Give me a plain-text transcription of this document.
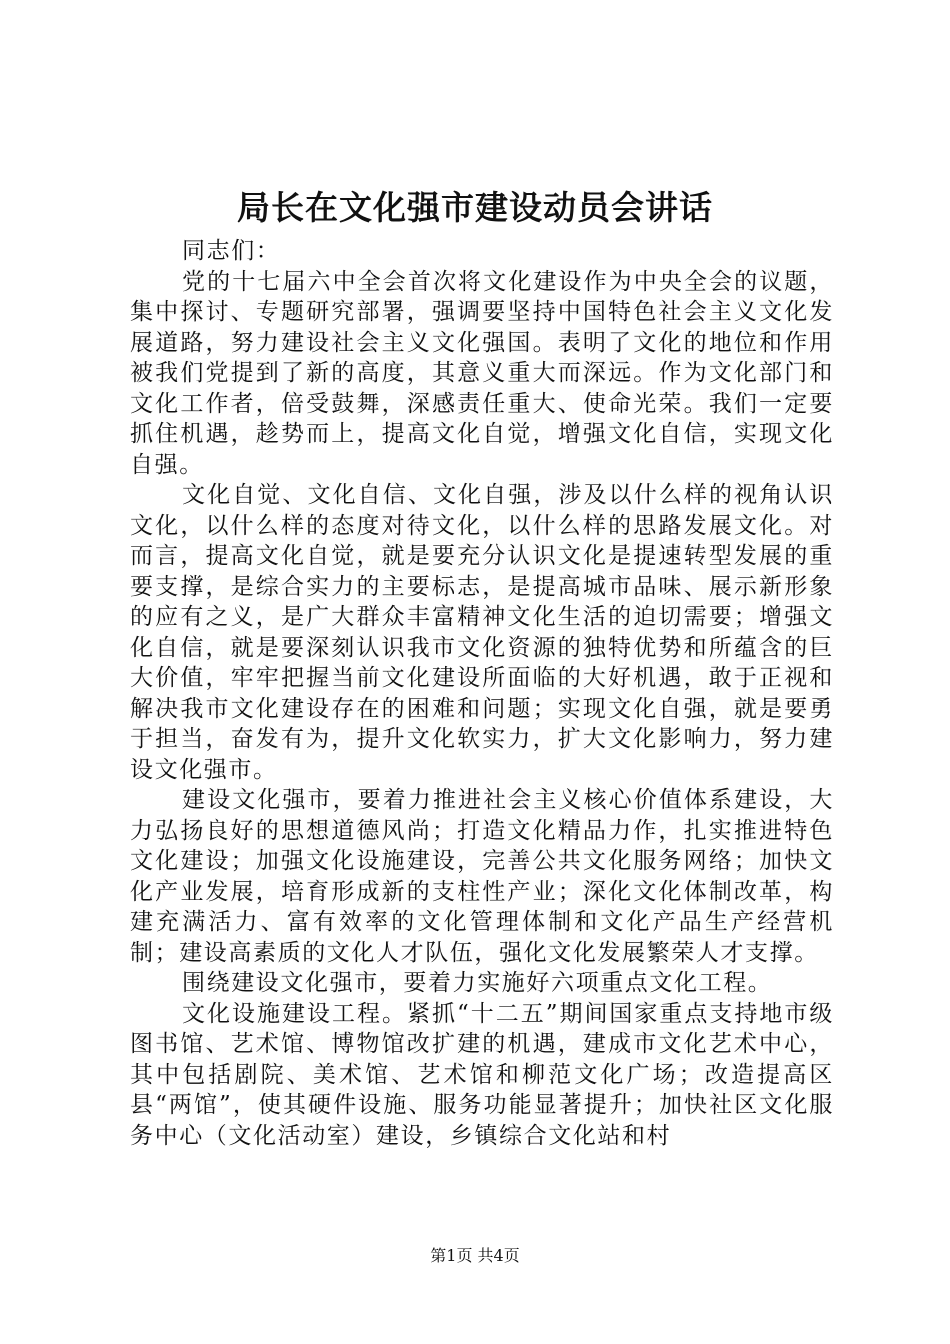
局长在文化强市建设动员会讲话

同志们：

党的十七届六中全会首次将文化建设作为中央全会的议题，集中探讨、专题研究部署，强调要坚持中国特色社会主义文化发展道路，努力建设社会主义文化强国。表明了文化的地位和作用被我们党提到了新的高度，其意义重大而深远。作为文化部门和文化工作者，倍受鼓舞，深感责任重大、使命光荣。我们一定要抓住机遇，趁势而上，提高文化自觉，增强文化自信，实现文化自强。

文化自觉、文化自信、文化自强，涉及以什么样的视角认识文化，以什么样的态度对待文化，以什么样的思路发展文化。对而言，提高文化自觉，就是要充分认识文化是提速转型发展的重要支撑，是综合实力的主要标志，是提高城市品味、展示新形象的应有之义，是广大群众丰富精神文化生活的迫切需要；增强文化自信，就是要深刻认识我市文化资源的独特优势和所蕴含的巨大价值，牢牢把握当前文化建设所面临的大好机遇，敢于正视和解决我市文化建设存在的困难和问题；实现文化自强，就是要勇于担当，奋发有为，提升文化软实力，扩大文化影响力，努力建设文化强市。

建设文化强市，要着力推进社会主义核心价值体系建设，大力弘扬良好的思想道德风尚；打造文化精品力作，扎实推进特色文化建设；加强文化设施建设，完善公共文化服务网络；加快文化产业发展，培育形成新的支柱性产业；深化文化体制改革，构建充满活力、富有效率的文化管理体制和文化产品生产经营机制；建设高素质的文化人才队伍，强化文化发展繁荣人才支撑。

围绕建设文化强市，要着力实施好六项重点文化工程。

文化设施建设工程。紧抓“十二五”期间国家重点支持地市级图书馆、艺术馆、博物馆改扩建的机遇，建成市文化艺术中心，其中包括剧院、美术馆、艺术馆和柳范文化广场；改造提高区县“两馆”，使其硬件设施、服务功能显著提升；加快社区文化服务中心（文化活动室）建设，乡镇综合文化站和村

第1页 共4页
